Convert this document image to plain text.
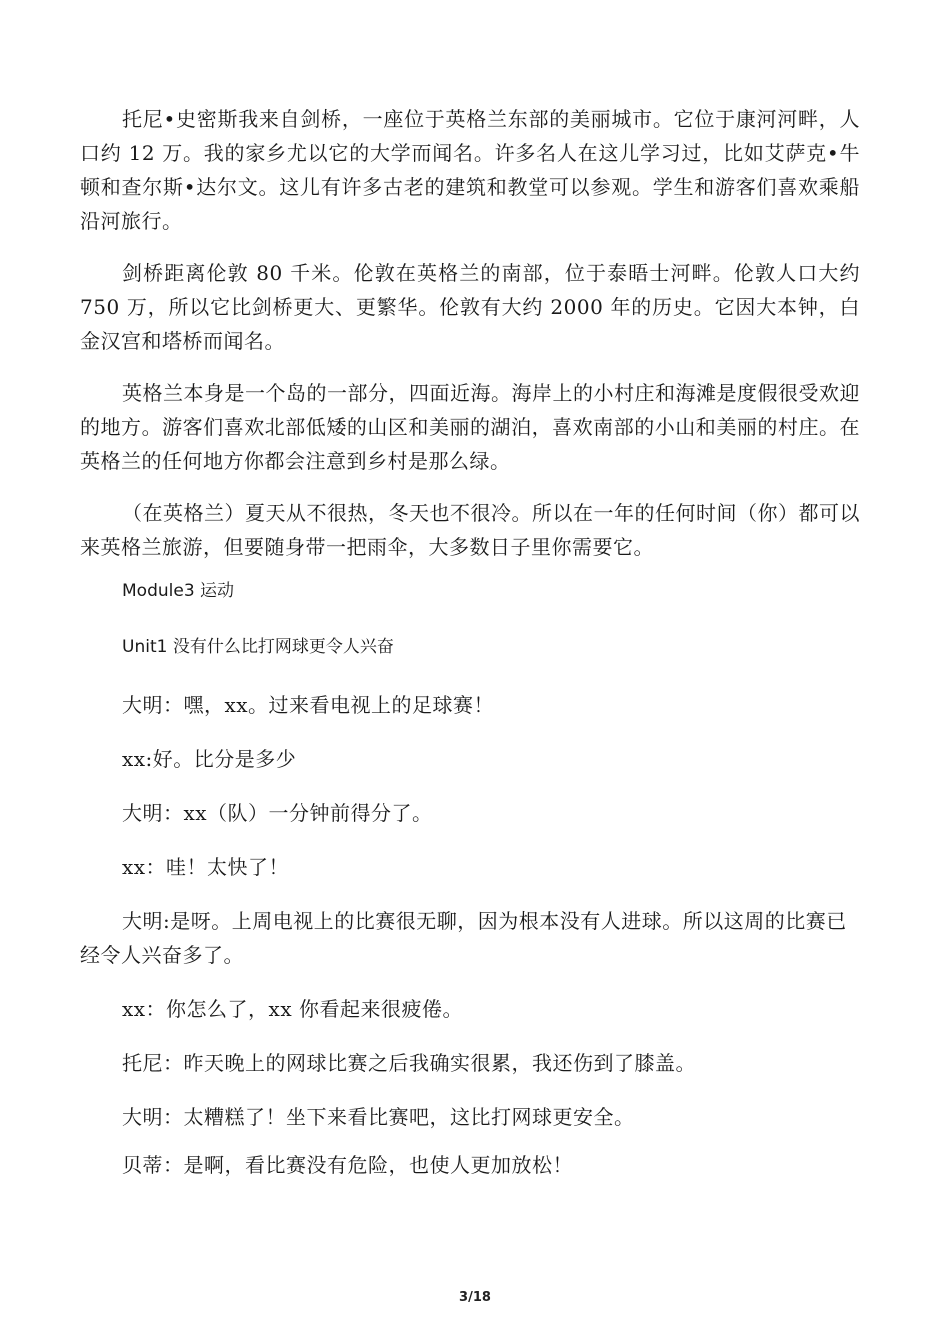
托尼•史密斯我来自剑桥，一座位于英格兰东部的美丽城市。它位于康河河畔，人口约 12 万。我的家乡尤以它的大学而闻名。许多名人在这儿学习过，比如艾萨克•牛顿和查尔斯•达尔文。这儿有许多古老的建筑和教堂可以参观。学生和游客们喜欢乘船沿河旅行。

剑桥距离伦敦 80 千米。伦敦在英格兰的南部，位于泰晤士河畔。伦敦人口大约 750 万，所以它比剑桥更大、更繁华。伦敦有大约 2000 年的历史。它因大本钟，白金汉宫和塔桥而闻名。

英格兰本身是一个岛的一部分，四面近海。海岸上的小村庄和海滩是度假很受欢迎的地方。游客们喜欢北部低矮的山区和美丽的湖泊，喜欢南部的小山和美丽的村庄。在英格兰的任何地方你都会注意到乡村是那么绿。

（在英格兰）夏天从不很热，冬天也不很冷。所以在一年的任何时间（你）都可以来英格兰旅游，但要随身带一把雨伞，大多数日子里你需要它。

Module3 运动
Unit1 没有什么比打网球更令人兴奋

大明：嘿，xx。过来看电视上的足球赛！

xx:好。比分是多少

大明：xx（队）一分钟前得分了。

xx：哇！太快了！

大明:是呀。上周电视上的比赛很无聊，因为根本没有人进球。所以这周的比赛已经令人兴奋多了。

xx：你怎么了，xx 你看起来很疲倦。

托尼：昨天晚上的网球比赛之后我确实很累，我还伤到了膝盖。

大明：太糟糕了！坐下来看比赛吧，这比打网球更安全。

贝蒂：是啊，看比赛没有危险，也使人更加放松！

3/18
